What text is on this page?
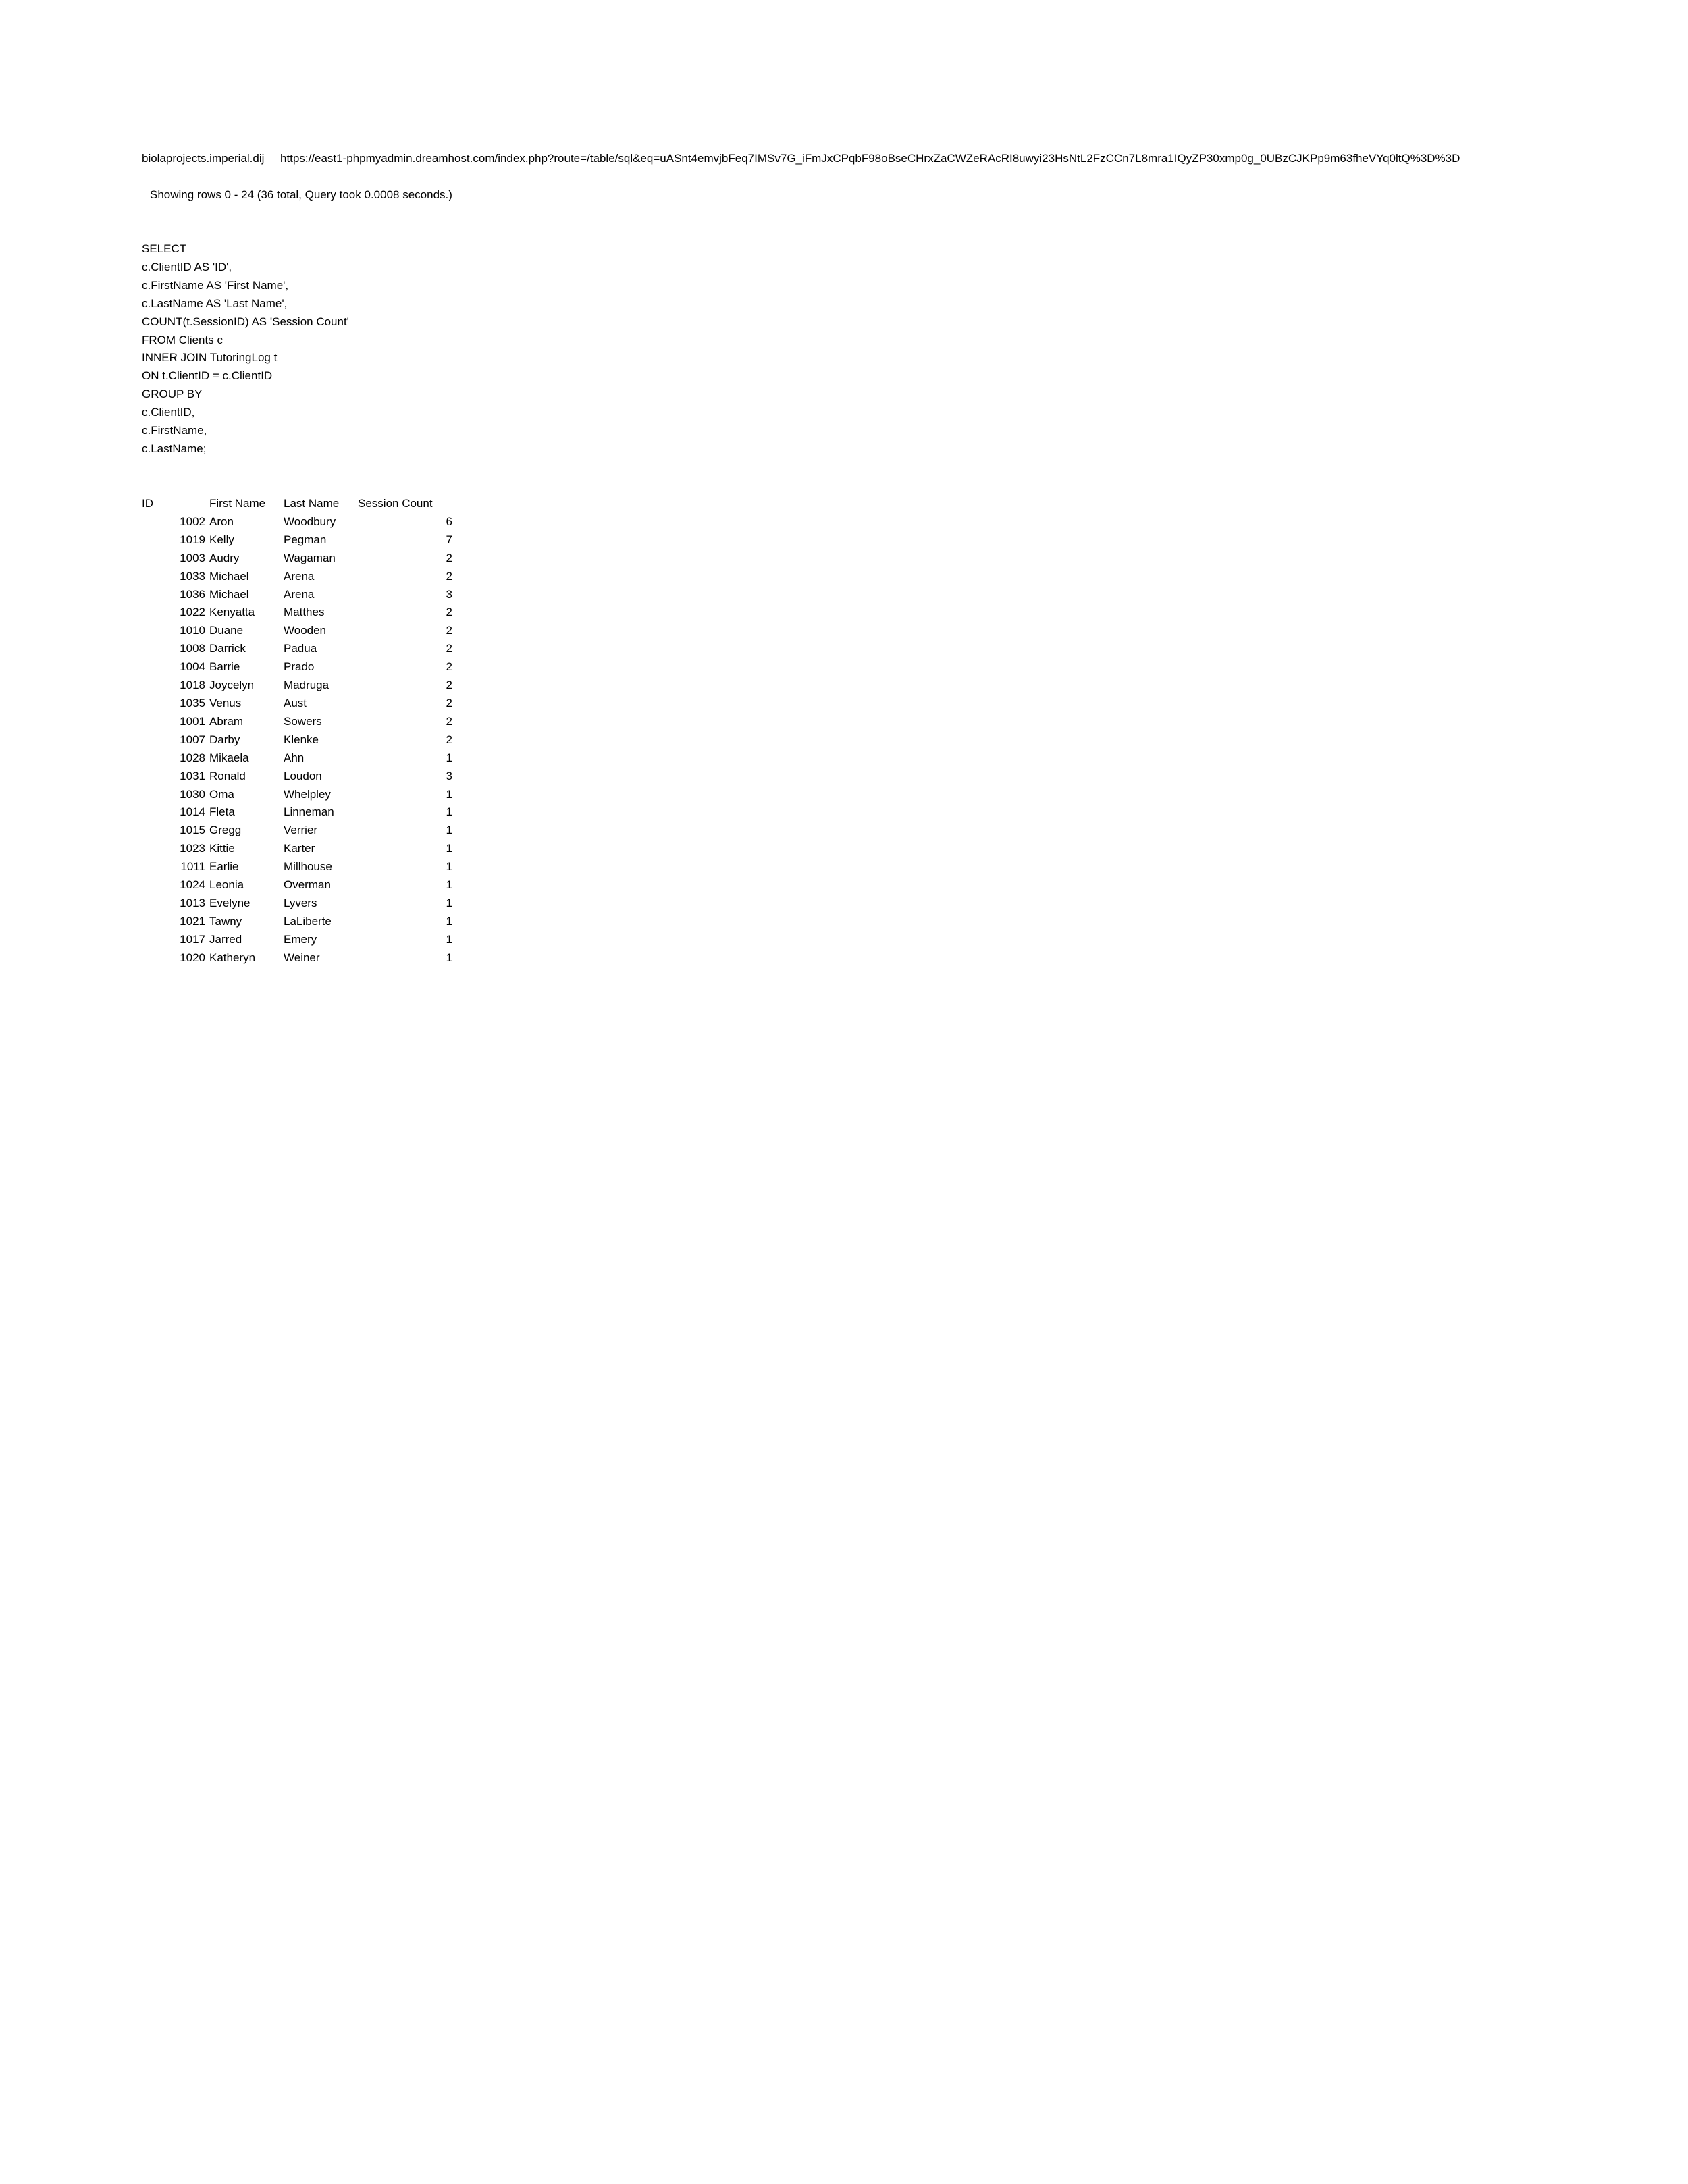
biolaprojects.imperial.dij	https://east1-phpmyadmin.dreamhost.com/index.php?route=/table/sql&eq=uASnt4emvjbFeq7IMSv7G_iFmJxCPqbF98oBseCHrxZaCWZeRAcRI8uwyi23HsNtL2FzCCn7L8mra1IQyZP30xmp0g_0UBzCJKPp9m63fheVYq0ltQ%3D%3D
Showing rows 0 - 24 (36 total, Query took 0.0008 seconds.)
SELECT
c.ClientID AS 'ID',
c.FirstName AS 'First Name',
c.LastName AS 'Last Name',
COUNT(t.SessionID) AS 'Session Count'
FROM Clients c
INNER JOIN TutoringLog t
ON t.ClientID = c.ClientID
GROUP BY
c.ClientID,
c.FirstName,
c.LastName;
ID	First Name	Last Name	Session Count
1002	Aron	Woodbury	6
1019	Kelly	Pegman	7
1003	Audry	Wagaman	2
1033	Michael	Arena	2
1036	Michael	Arena	3
1022	Kenyatta	Matthes	2
1010	Duane	Wooden	2
1008	Darrick	Padua	2
1004	Barrie	Prado	2
1018	Joycelyn	Madruga	2
1035	Venus	Aust	2
1001	Abram	Sowers	2
1007	Darby	Klenke	2
1028	Mikaela	Ahn	1
1031	Ronald	Loudon	3
1030	Oma	Whelpley	1
1014	Fleta	Linneman	1
1015	Gregg	Verrier	1
1023	Kittie	Karter	1
1011	Earlie	Millhouse	1
1024	Leonia	Overman	1
1013	Evelyne	Lyvers	1
1021	Tawny	LaLiberte	1
1017	Jarred	Emery	1
1020	Katheryn	Weiner	1
